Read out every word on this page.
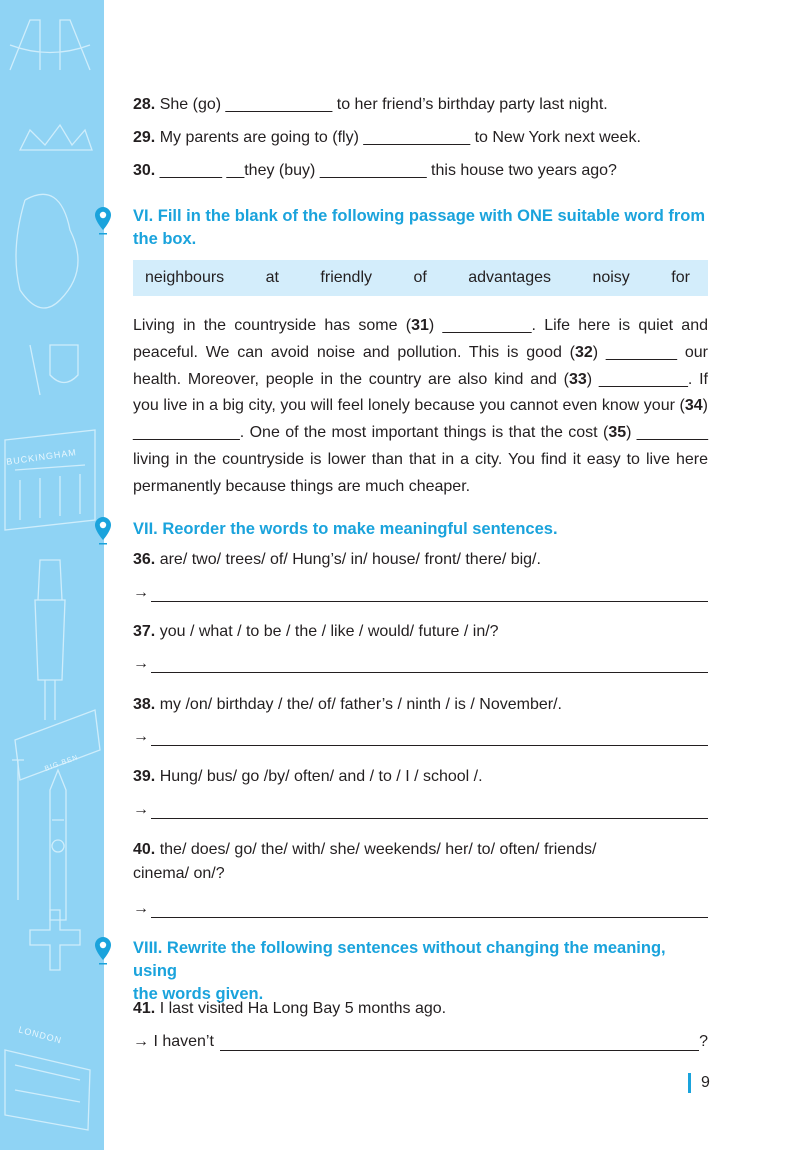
BUCKINGHAM
BIG BEN
LONDON
28. She (go) ____________ to her friend’s birthday party last night.
29. My parents are going to (fly) ____________ to New York next week.
30. _______ __they (buy) ____________ this house two years ago?
VI. Fill in the blank of the following passage with ONE suitable word from
the box.
neighbours	at	friendly	of	advantages	noisy	for
Living in the countryside has some (31) __________. Life here is quiet and peaceful. We can avoid noise and pollution. This is good (32) ________ our health. Moreover, people in the country are also kind and (33) __________. If you live in a big city, you will feel lonely because you cannot even know your (34) ____________. One of the most important things is that the cost (35) ________ living in the countryside is lower than that in a city. You find it easy to live here permanently because things are much cheaper.
VII. Reorder the words to make meaningful sentences.
36. are/ two/ trees/ of/ Hung’s/ in/ house/ front/ there/ big/.
→
37. you / what / to be / the / like / would/ future / in/?
→
38. my /on/ birthday / the/ of/ father’s / ninth / is / November/.
→
39. Hung/ bus/ go /by/ often/ and / to / I / school /.
→
40. the/ does/ go/ the/ with/ she/ weekends/ her/ to/ often/ friends/
cinema/ on/?
→
VIII. Rewrite the following sentences without changing the meaning, using
the words given.
41. I last visited Ha Long Bay 5 months ago.
→ I haven’t	?
9
